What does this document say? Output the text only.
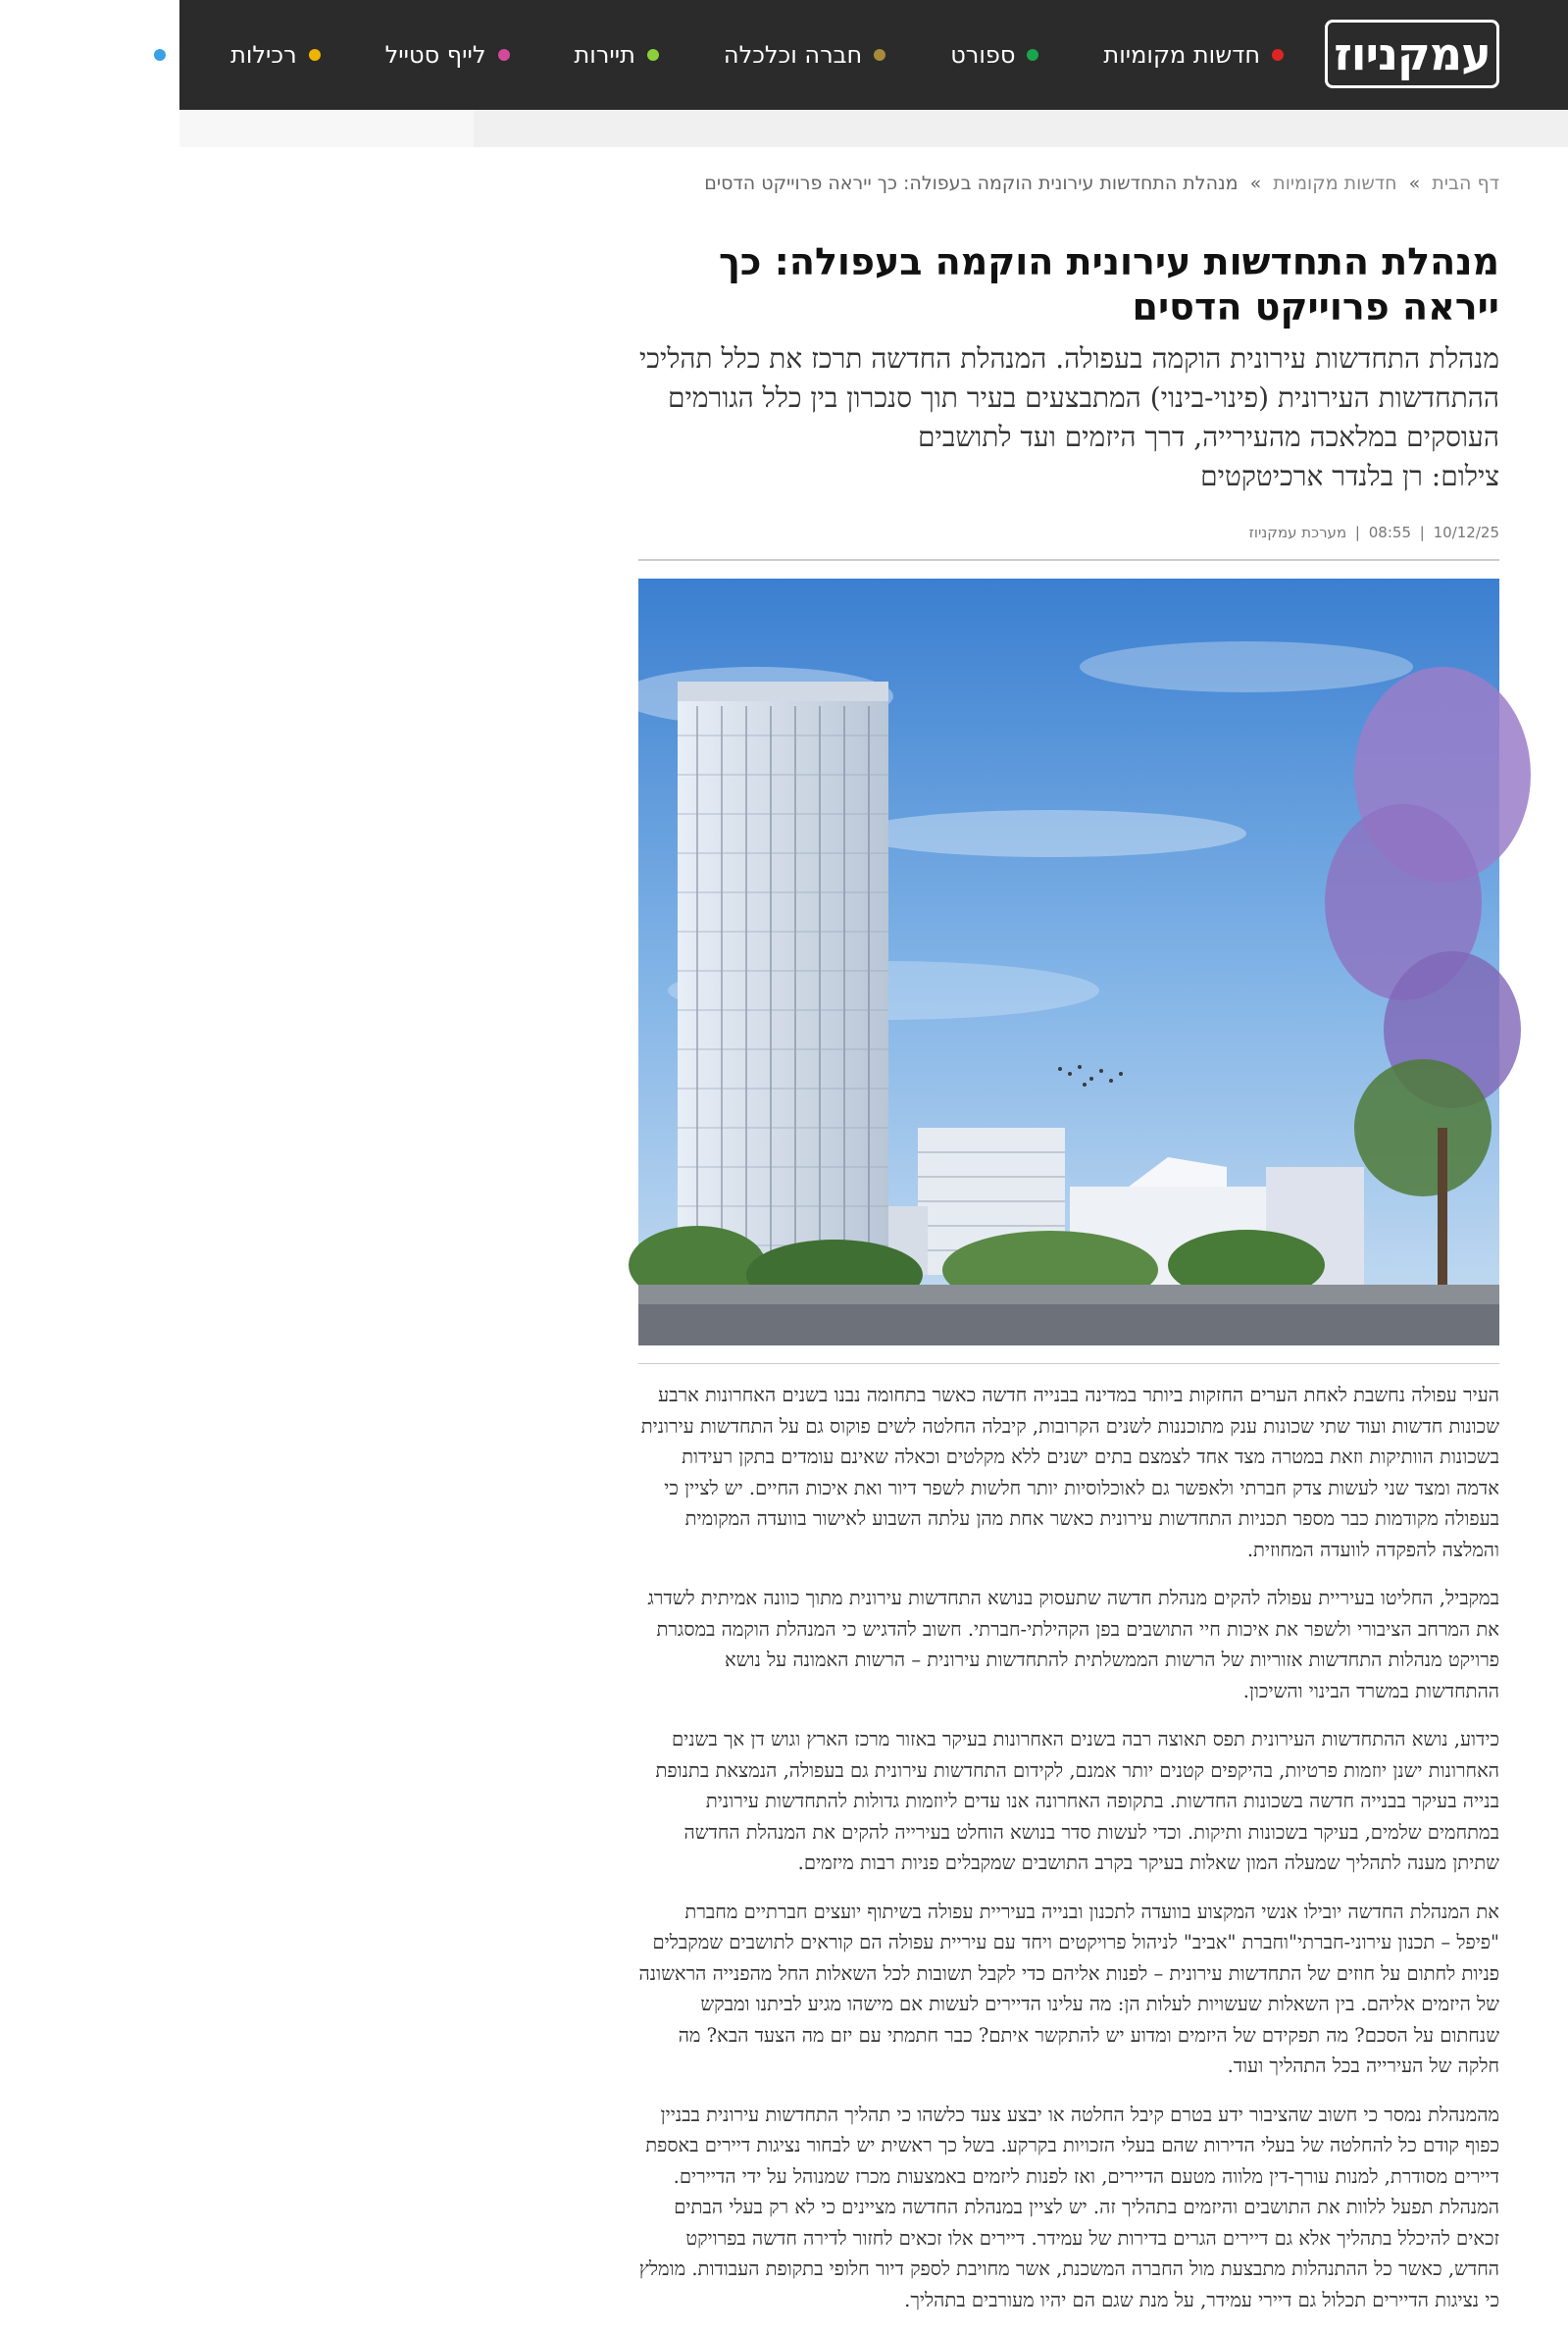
עמקניוז
חדשות מקומיות
ספורט
חברה וכלכלה
תיירות
לייף סטייל
רכילות
מיוחד
▼
דף הבית » חדשות מקומיות » מנהלת התחדשות עירונית הוקמה בעפולה: כך ייראה פרוייקט הדסים
מנהלת התחדשות עירונית הוקמה בעפולה: כך ייראה פרוייקט הדסים

מנהלת התחדשות עירונית הוקמה בעפולה. המנהלת החדשה תרכז את כלל תהליכי ההתחדשות העירונית (פינוי-בינוי) המתבצעים בעיר תוך סנכרון בין כלל הגורמים העוסקים במלאכה מהעירייה, דרך היזמים ועד לתושבים

צילום: רן בלנדר ארכיטקטים

10/12/25 | 08:55 | מערכת עמקניוז

העיר עפולה נחשבת לאחת הערים החזקות ביותר במדינה בבנייה חדשה כאשר בתחומה נבנו בשנים האחרונות ארבע שכונות חדשות ועוד שתי שכונות ענק מתוכננות לשנים הקרובות, קיבלה החלטה לשים פוקוס גם על התחדשות עירונית בשכונות הוותיקות וזאת במטרה מצד אחד לצמצם בתים ישנים ללא מקלטים וכאלה שאינם עומדים בתקן רעידות אדמה ומצד שני לעשות צדק חברתי ולאפשר גם לאוכלוסיות יותר חלשות לשפר דיור ואת איכות החיים. יש לציין כי בעפולה מקודמות כבר מספר תכניות התחדשות עירונית כאשר אחת מהן עלתה השבוע לאישור בוועדה המקומית והמלצה להפקדה לוועדה המחוזית.

במקביל, החליטו בעיריית עפולה להקים מנהלת חדשה שתעסוק בנושא התחדשות עירונית מתוך כוונה אמיתית לשדרג את המרחב הציבורי ולשפר את איכות חיי התושבים בפן הקהילתי-חברתי. חשוב להדגיש כי המנהלת הוקמה במסגרת פרויקט מנהלות התחדשות אזוריות של הרשות הממשלתית להתחדשות עירונית – הרשות האמונה על נושא ההתחדשות במשרד הבינוי והשיכון.

כידוע, נושא ההתחדשות העירונית תפס תאוצה רבה בשנים האחרונות בעיקר באזור מרכז הארץ וגוש דן אך בשנים האחרונות ישנן יוזמות פרטיות, בהיקפים קטנים יותר אמנם, לקידום התחדשות עירונית גם בעפולה, הנמצאת בתנופת בנייה בעיקר בבנייה חדשה בשכונות החדשות. בתקופה האחרונה אנו עדים ליוזמות גדולות להתחדשות עירונית במתחמים שלמים, בעיקר בשכונות ותיקות. וכדי לעשות סדר בנושא הוחלט בעירייה להקים את המנהלת החדשה שתיתן מענה לתהליך שמעלה המון שאלות בעיקר בקרב התושבים שמקבלים פניות רבות מיזמים.

את המנהלת החדשה יובילו אנשי המקצוע בוועדה לתכנון ובנייה בעיריית עפולה בשיתוף יועצים חברתיים מחברת "פיפל – תכנון עירוני-חברתי"וחברת "אביב" לניהול פרויקטים ויחד עם עיריית עפולה הם קוראים לתושבים שמקבלים פניות לחתום על חוזים של התחדשות עירונית – לפנות אליהם כדי לקבל תשובות לכל השאלות החל מהפנייה הראשונה של היזמים אליהם. בין השאלות שעשויות לעלות הן: מה עלינו הדיירים לעשות אם מישהו מגיע לביתנו ומבקש שנחתום על הסכם? מה תפקידם של היזמים ומדוע יש להתקשר איתם? כבר חתמתי עם יזם מה הצעד הבא? מה חלקה של העירייה בכל התהליך ועוד.

מהמנהלת נמסר כי חשוב שהציבור ידע בטרם קיבל החלטה או יבצע צעד כלשהו כי תהליך התחדשות עירונית בבניין כפוף קודם כל להחלטה של בעלי הדירות שהם בעלי הזכויות בקרקע. בשל כך ראשית יש לבחור נציגות דיירים באספת דיירים מסודרת, למנות עורך-דין מלווה מטעם הדיירים, ואז לפנות ליזמים באמצעות מכרז שמנוהל על ידי הדיירים. המנהלת תפעל ללוות את התושבים והיזמים בתהליך זה. יש לציין במנהלת החדשה מציינים כי לא רק בעלי הבתים זכאים להיכלל בתהליך אלא גם דיירים הגרים בדירות של עמידר. דיירים אלו זכאים לחזור לדירה חדשה בפרויקט החדש, כאשר כל ההתנהלות מתבצעת מול החברה המשכנת, אשר מחויבת לספק דיור חלופי בתקופת העבודות. מומלץ כי נציגות הדיירים תכלול גם דיירי עמידר, על מנת שגם הם יהיו מעורבים בתהליך.
